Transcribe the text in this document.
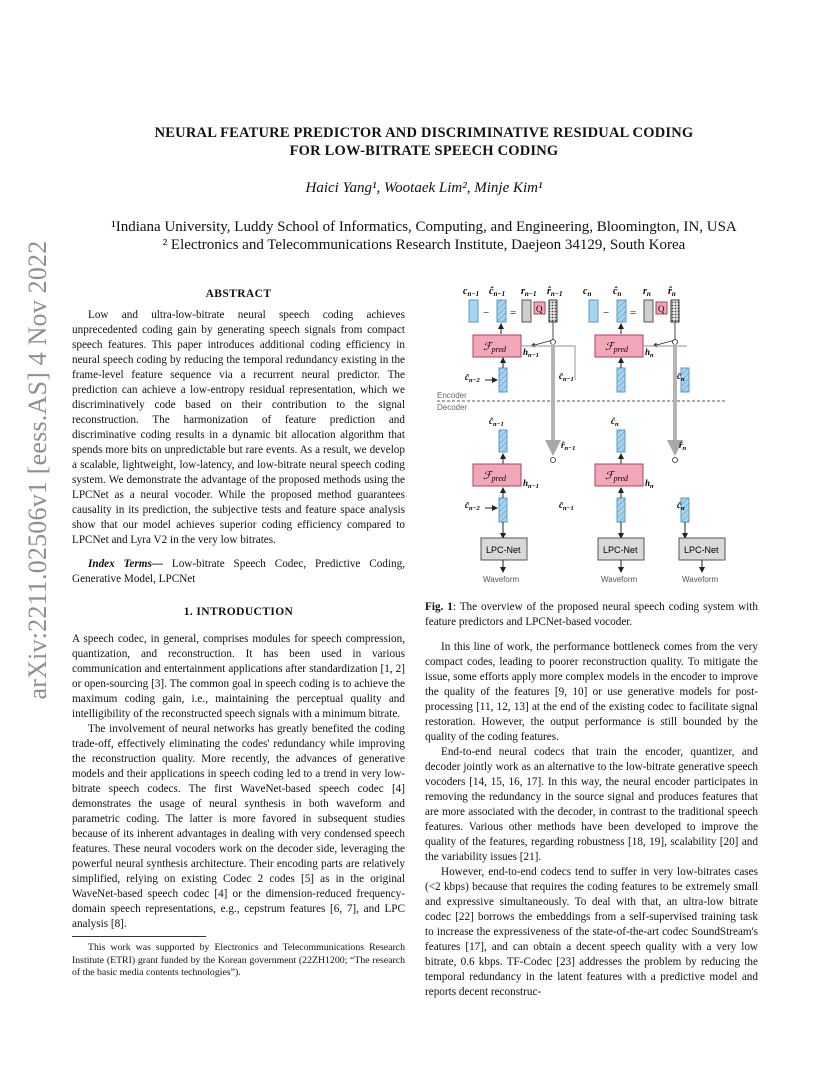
arXiv:2211.02506v1 [eess.AS] 4 Nov 2022
NEURAL FEATURE PREDICTOR AND DISCRIMINATIVE RESIDUAL CODING
FOR LOW-BITRATE SPEECH CODING
Haici Yang¹, Wootaek Lim², Minje Kim¹
¹Indiana University, Luddy School of Informatics, Computing, and Engineering, Bloomington, IN, USA
² Electronics and Telecommunications Research Institute, Daejeon 34129, South Korea
ABSTRACT

Low and ultra-low-bitrate neural speech coding achieves unprecedented coding gain by generating speech signals from compact speech features. This paper introduces additional coding efficiency in neural speech coding by reducing the temporal redundancy existing in the frame-level feature sequence via a recurrent neural predictor. The prediction can achieve a low-entropy residual representation, which we discriminatively code based on their contribution to the signal reconstruction. The harmonization of feature prediction and discriminative coding results in a dynamic bit allocation algorithm that spends more bits on unpredictable but rare events. As a result, we develop a scalable, lightweight, low-latency, and low-bitrate neural speech coding system. We demonstrate the advantage of the proposed methods using the LPCNet as a neural vocoder. While the proposed method guarantees causality in its prediction, the subjective tests and feature space analysis show that our model achieves superior coding efficiency compared to LPCNet and Lyra V2 in the very low bitrates.

Index Terms— Low-bitrate Speech Codec, Predictive Coding, Generative Model, LPCNet

1. INTRODUCTION

A speech codec, in general, comprises modules for speech compression, quantization, and reconstruction. It has been used in various communication and entertainment applications after standardization [1, 2] or open-sourcing [3]. The common goal in speech coding is to achieve the maximum coding gain, i.e., maintaining the perceptual quality and intelligibility of the reconstructed speech signals with a minimum bitrate.

The involvement of neural networks has greatly benefited the coding trade-off, effectively eliminating the codes' redundancy while improving the reconstruction quality. More recently, the advances of generative models and their applications in speech coding led to a trend in very low-bitrate speech codecs. The first WaveNet-based speech codec [4] demonstrates the usage of neural synthesis in both waveform and parametric coding. The latter is more favored in subsequent studies because of its inherent advantages in dealing with very condensed speech features. These neural vocoders work on the decoder side, leveraging the powerful neural synthesis architecture. Their encoding parts are relatively simplified, relying on existing Codec 2 codes [5] as in the original WaveNet-based speech codec [4] or the dimension-reduced frequency-domain speech representations, e.g., cepstrum features [6, 7], and LPC analysis [8].

This work was supported by Electronics and Telecommunications Research Institute (ETRI) grant funded by the Korean government (22ZH1200; “The research of the basic media contents technologies”).

$c_{n-1}$ $ĉ_{n-1}$ $r_{n-1}$ $r̂_{n-1}$ $c_n$ $ĉ_n$ $r_n$ $r̂_n$
− = Q
ℱpred
$c̄_{n-2}$
$h_{n-1}$
− = Q
ℱpred $h_n$
$c̄_n$
$c̄_{n-1}$
Encoder
Decoder
$ĉ_{n-1}$
ℱpred
$r̂_{n-1}$
$c̄_{n-2}$
$h_{n-1}$
$ĉ_n$
ℱpred
$r̂_n$
$h_n$
$c̄_{n-1}$	$c̄_n$
LPC-Net
Waveform
LPC-Net
Waveform
LPC-Net
Waveform

Fig. 1: The overview of the proposed neural speech coding system with feature predictors and LPCNet-based vocoder.

In this line of work, the performance bottleneck comes from the very compact codes, leading to poorer reconstruction quality. To mitigate the issue, some efforts apply more complex models in the encoder to improve the quality of the features [9, 10] or use generative models for post-processing [11, 12, 13] at the end of the existing codec to facilitate signal restoration. However, the output performance is still bounded by the quality of the coding features.

End-to-end neural codecs that train the encoder, quantizer, and decoder jointly work as an alternative to the low-bitrate generative speech vocoders [14, 15, 16, 17]. In this way, the neural encoder participates in removing the redundancy in the source signal and produces features that are more associated with the decoder, in contrast to the traditional speech features. Various other methods have been developed to improve the quality of the features, regarding robustness [18, 19], scalability [20] and the variability issues [21].

However, end-to-end codecs tend to suffer in very low-bitrates cases (<2 kbps) because that requires the coding features to be extremely small and expressive simultaneously. To deal with that, an ultra-low bitrate codec [22] borrows the embeddings from a self-supervised training task to increase the expressiveness of the state-of-the-art codec SoundStream's features [17], and can obtain a decent speech quality with a very low bitrate, 0.6 kbps. TF-Codec [23] addresses the problem by reducing the temporal redundancy in the latent features with a predictive model and reports decent reconstruc-
